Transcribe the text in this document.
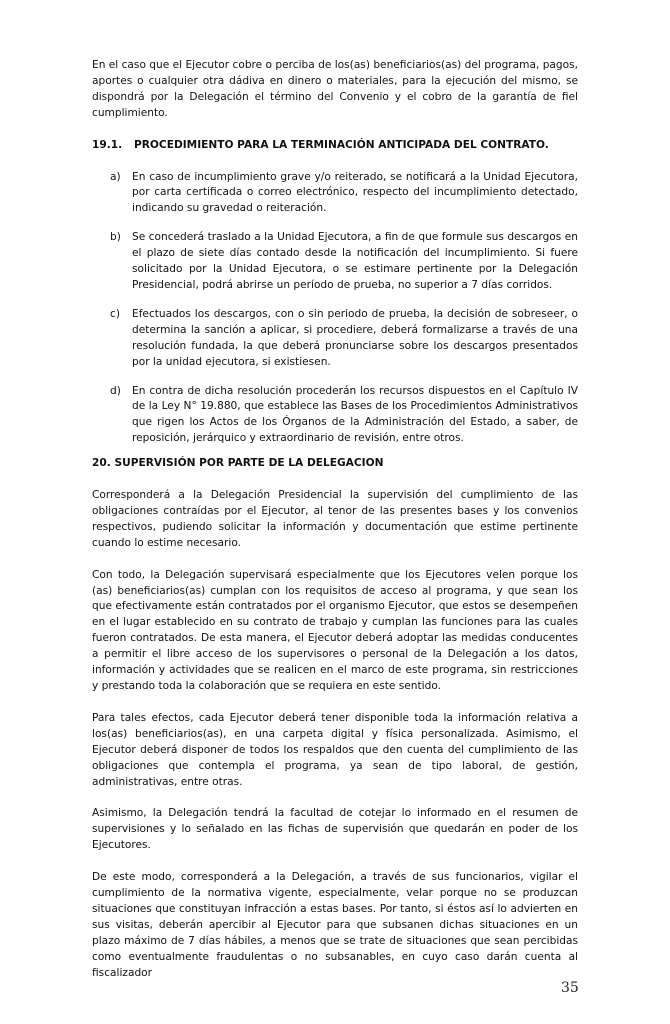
En el caso que el Ejecutor cobre o perciba de los(as) beneficiarios(as) del programa, pagos, aportes o cualquier otra dádiva en dinero o materiales, para la ejecución del mismo, se dispondrá por la Delegación el término del Convenio y el cobro de la garantía de fiel cumplimiento.

19.1. PROCEDIMIENTO PARA LA TERMINACIÓN ANTICIPADA DEL CONTRATO.
a)	En caso de incumplimiento grave y/o reiterado, se notificará a la Unidad Ejecutora, por carta certificada o correo electrónico, respecto del incumplimiento detectado, indicando su gravedad o reiteración.

b)	Se concederá traslado a la Unidad Ejecutora, a fin de que formule sus descargos en el plazo de siete días contado desde la notificación del incumplimiento. Si fuere solicitado por la Unidad Ejecutora, o se estimare pertinente por la Delegación Presidencial, podrá abrirse un período de prueba, no superior a 7 días corridos.

c)	Efectuados los descargos, con o sin periodo de prueba, la decisión de sobreseer, o determina la sanción a aplicar, si procediere, deberá formalizarse a través de una resolución fundada, la que deberá pronunciarse sobre los descargos presentados por la unidad ejecutora, si existiesen.

d)	En contra de dicha resolución procederán los recursos dispuestos en el Capítulo IV de la Ley N° 19.880, que establece las Bases de los Procedimientos Administrativos que rigen los Actos de los Órganos de la Administración del Estado, a saber, de reposición, jerárquico y extraordinario de revisión, entre otros.

20. SUPERVISIÓN POR PARTE DE LA DELEGACION

Corresponderá a la Delegación Presidencial la supervisión del cumplimiento de las obligaciones contraídas por el Ejecutor, al tenor de las presentes bases y los convenios respectivos, pudiendo solicitar la información y documentación que estime pertinente cuando lo estime necesario.

Con todo, la Delegación supervisará especialmente que los Ejecutores velen porque los (as) beneficiarios(as) cumplan con los requisitos de acceso al programa, y que sean los que efectivamente están contratados por el organismo Ejecutor, que estos se desempeñen en el lugar establecido en su contrato de trabajo y cumplan las funciones para las cuales fueron contratados. De esta manera, el Ejecutor deberá adoptar las medidas conducentes a permitir el libre acceso de los supervisores o personal de la Delegación a los datos, información y actividades que se realicen en el marco de este programa, sin restricciones y prestando toda la colaboración que se requiera en este sentido.

Para tales efectos, cada Ejecutor deberá tener disponible toda la información relativa a los(as) beneficiarios(as), en una carpeta digital y física personalizada. Asimismo, el Ejecutor deberá disponer de todos los respaldos que den cuenta del cumplimiento de las obligaciones que contempla el programa, ya sean de tipo laboral, de gestión, administrativas, entre otras.

Asimismo, la Delegación tendrá la facultad de cotejar lo informado en el resumen de supervisiones y lo señalado en las fichas de supervisión que quedarán en poder de los Ejecutores.

De este modo, corresponderá a la Delegación, a través de sus funcionarios, vigilar el cumplimiento de la normativa vigente, especialmente, velar porque no se produzcan situaciones que constituyan infracción a estas bases. Por tanto, si éstos así lo advierten en sus visitas, deberán apercibir al Ejecutor para que subsanen dichas situaciones en un plazo máximo de 7 días hábiles, a menos que se trate de situaciones que sean percibidas como eventualmente fraudulentas o no subsanables, en cuyo caso darán cuenta al fiscalizador

35
